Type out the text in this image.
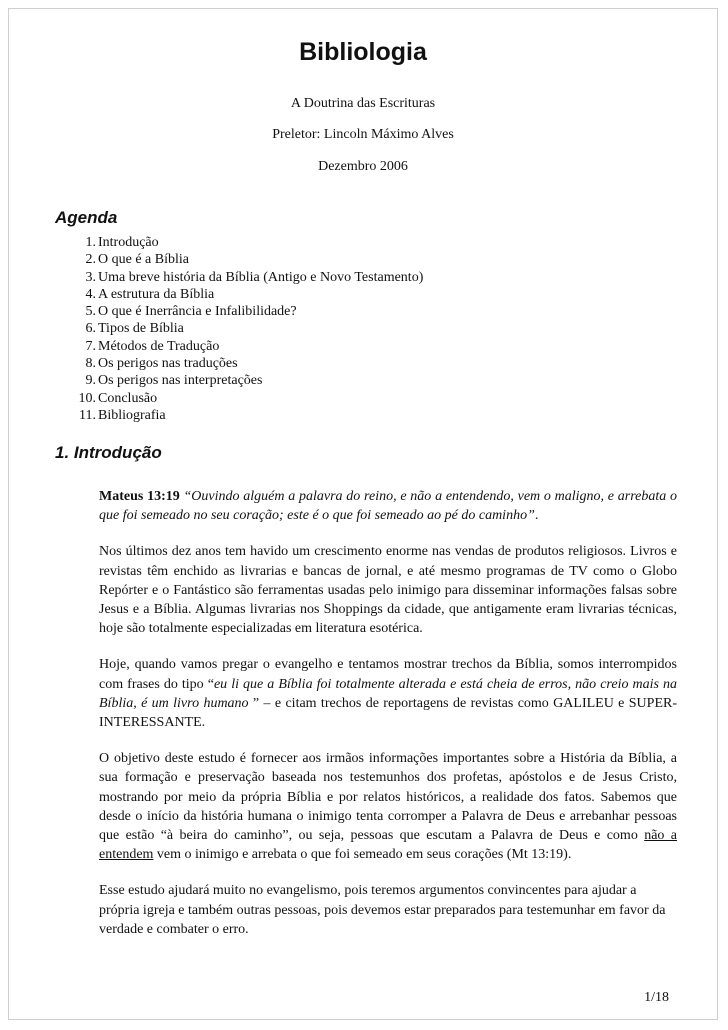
Bibliologia
A Doutrina das Escrituras
Preletor: Lincoln Máximo Alves
Dezembro 2006
Agenda
1. Introdução
2. O que é a Bíblia
3. Uma breve história da Bíblia (Antigo e Novo Testamento)
4. A estrutura da Bíblia
5. O que é Inerrância e Infalibilidade?
6. Tipos de Bíblia
7. Métodos de Tradução
8. Os perigos nas traduções
9. Os perigos nas interpretações
10. Conclusão
11. Bibliografia
1. Introdução

Mateus 13:19 “Ouvindo alguém a palavra do reino, e não a entendendo, vem o maligno, e arrebata o que foi semeado no seu coração; este é o que foi semeado ao pé do caminho”.

Nos últimos dez anos tem havido um crescimento enorme nas vendas de produtos religiosos. Livros e revistas têm enchido as livrarias e bancas de jornal, e até mesmo programas de TV como o Globo Repórter e o Fantástico são ferramentas usadas pelo inimigo para disseminar informações falsas sobre Jesus e a Bíblia. Algumas livrarias nos Shoppings da cidade, que antigamente eram livrarias técnicas, hoje são totalmente especializadas em literatura esotérica.

Hoje, quando vamos pregar o evangelho e tentamos mostrar trechos da Bíblia, somos interrompidos com frases do tipo “eu li que a Bíblia foi totalmente alterada e está cheia de erros, não creio mais na Bíblia, é um livro humano ” – e citam trechos de reportagens de revistas como GALILEU e SUPER-INTERESSANTE.

O objetivo deste estudo é fornecer aos irmãos informações importantes sobre a História da Bíblia, a sua formação e preservação baseada nos testemunhos dos profetas, apóstolos e de Jesus Cristo, mostrando por meio da própria Bíblia e por relatos históricos, a realidade dos fatos. Sabemos que desde o início da história humana o inimigo tenta corromper a Palavra de Deus e arrebanhar pessoas que estão “à beira do caminho”, ou seja, pessoas que escutam a Palavra de Deus e como não a entendem vem o inimigo e arrebata o que foi semeado em seus corações (Mt 13:19).

Esse estudo ajudará muito no evangelismo, pois teremos argumentos convincentes para ajudar a própria igreja e também outras pessoas, pois devemos estar preparados para testemunhar em favor da verdade e combater o erro.

1/18
